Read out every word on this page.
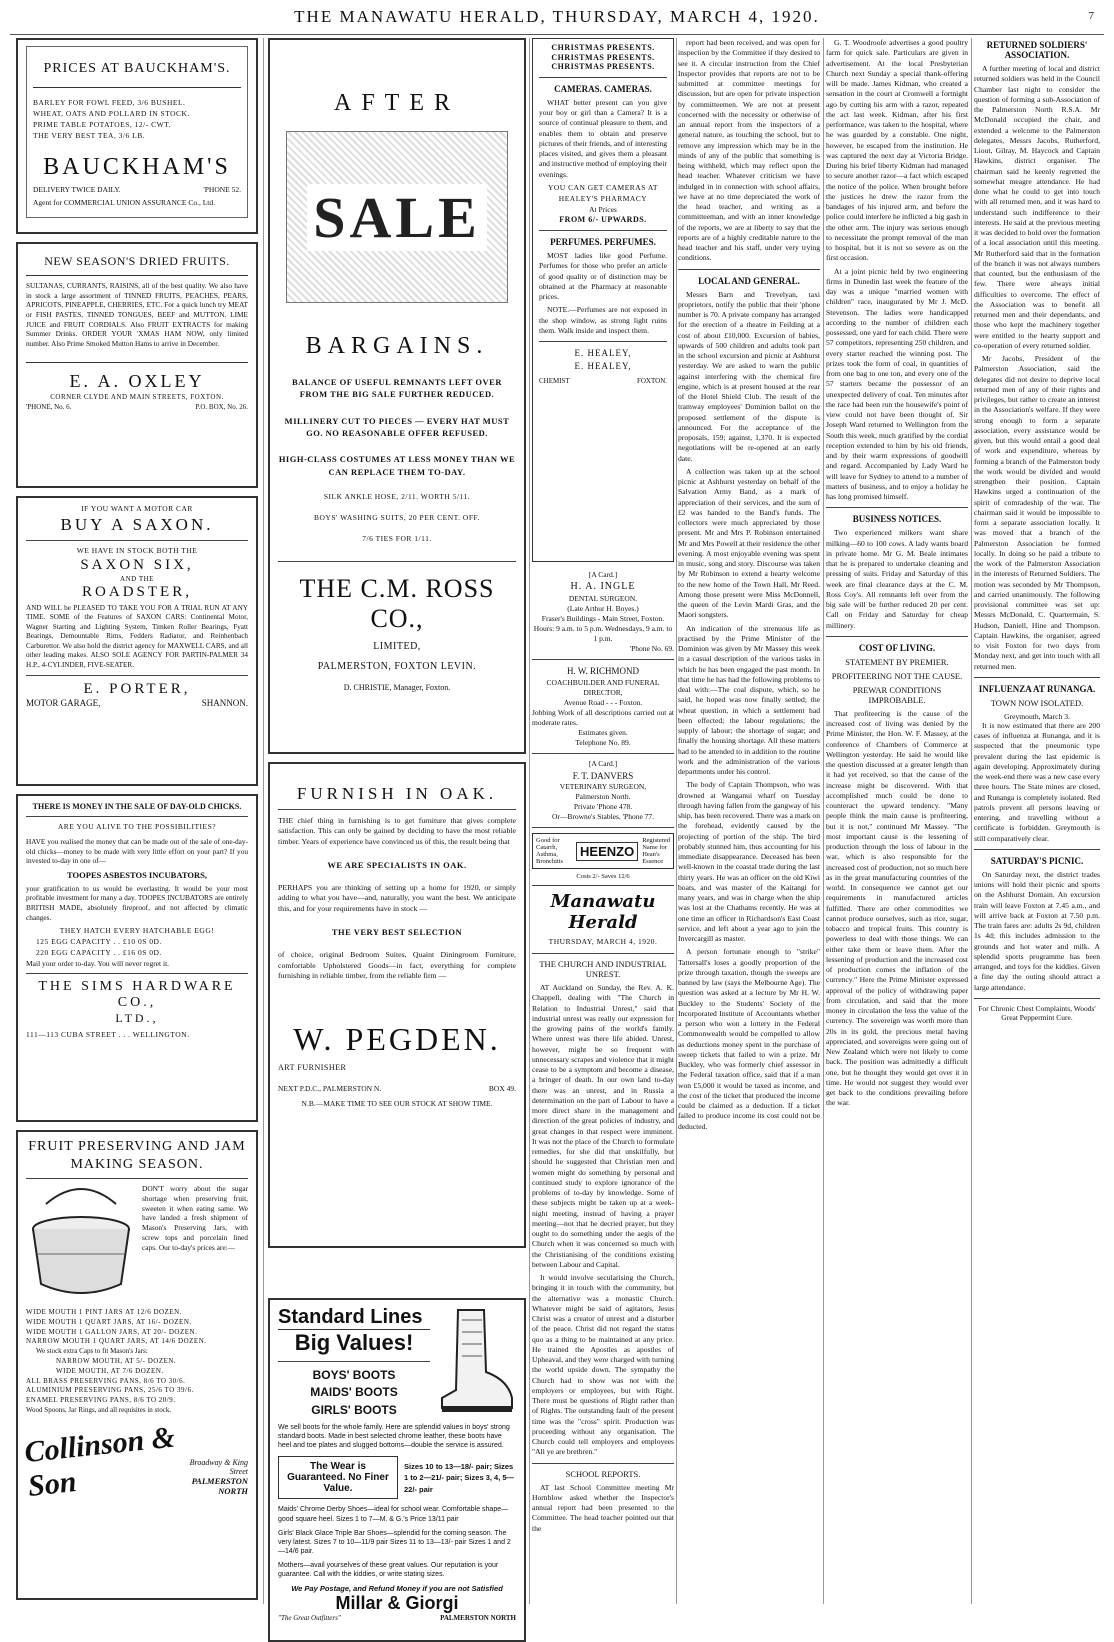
THE MANAWATU HERALD, THURSDAY, MARCH 4, 1920.	7
PRICES AT BAUCKHAM'S.
BARLEY FOR FOWL FEED, 3/6 BUSHEL.
WHEAT, OATS AND POLLARD IN STOCK.
PRIME TABLE POTATOES, 12/- CWT.
THE VERY BEST TEA, 3/6 LB.
BAUCKHAM'S
DELIVERY TWICE DAILY.	'PHONE 52.
Agent for COMMERCIAL UNION ASSURANCE Co., Ltd.
NEW SEASON'S DRIED FRUITS.
SULTANAS, CURRANTS, RAISINS, all of the best quality. We also have in stock a large assortment of TINNED FRUITS, PEACHES, PEARS, APRICOTS, PINEAPPLE, CHERRIES, ETC. For a quick lunch try MEAT or FISH PASTES, TINNED TONGUES, BEEF and MUTTON. LIME JUICE and FRUIT CORDIALS. Also FRUIT EXTRACTS for making Summer Drinks. ORDER YOUR 'XMAS HAM NOW, only limited number. Also Prime Smoked Mutton Hams to arrive in December.
E. A. OXLEY
CORNER CLYDE AND MAIN STREETS, FOXTON.
'PHONE, No. 6.	P.O. BOX, No. 26.
IF YOU WANT A MOTOR CAR
BUY A SAXON.
WE HAVE IN STOCK BOTH THE
SAXON SIX,
AND THE
ROADSTER,
AND WILL be PLEASED TO TAKE YOU FOR A TRIAL RUN AT ANY TIME. SOME of the Features of SAXON CARS: Continental Motor, Wagner Starting and Lighting System, Timken Roller Bearings, Fyatt Bearings, Demountable Rims, Fedders Radiator, and Reinhenbach Carburettor. We also hold the district agency for MAXWELL CARS, and all other leading makes. ALSO SOLE AGENCY FOR PARTIN-PALMER 34 H.P., 4-CYLINDER, FIVE-SEATER.
E. PORTER,
MOTOR GARAGE,	SHANNON.
THERE IS MONEY IN THE SALE OF DAY-OLD CHICKS.
ARE YOU ALIVE TO THE POSSIBILITIES?
HAVE you realised the money that can be made out of the sale of one-day-old chicks—money to be made with very little effort on your part? If you invested to-day in one of—
TOOPES ASBESTOS INCUBATORS,
your gratification to us would be everlasting. It would be your most profitable investment for many a day. TOOPES INCUBATORS are entirely BRITISH MADE, absolutely fireproof, and not affected by climatic changes.
THEY HATCH EVERY HATCHABLE EGG!
125 EGG CAPACITY . . £10 0S 0D.
220 EGG CAPACITY . . £16 0S 0D.
Mail your order to-day. You will never regret it.
THE SIMS HARDWARE CO.,
LTD.,
111—113 CUBA STREET . . . WELLINGTON.
FRUIT PRESERVING AND JAM MAKING SEASON.
DON'T worry about the sugar shortage when preserving fruit, sweeten it when eating same. We have landed a fresh shipment of Mason's Preserving Jars, with screw tops and porcelain lined caps. Our to-day's prices are:—
WIDE MOUTH 1 PINT JARS AT 12/6 DOZEN.
WIDE MOUTH 1 QUART JARS, AT 16/- DOZEN.
WIDE MOUTH 1 GALLON JARS, AT 20/- DOZEN.
NARROW MOUTH 1 QUART JARS, AT 14/6 DOZEN.
We stock extra Caps to fit Mason's Jars:
NARROW MOUTH, AT 5/- DOZEN.
WIDE MOUTH, AT 7/6 DOZEN.
ALL BRASS PRESERVING PANS, 8/6 TO 30/6.
ALUMINIUM PRESERVING PANS, 25/6 TO 39/6.
ENAMEL PRESERVING PANS, 8/6 TO 20/9.
Wood Spoons, Jar Rings, and all requisites in stock.
Collinson & Son
Broadway & King Street
PALMERSTON NORTH
AFTER
SALE
BARGAINS.
BALANCE OF USEFUL REMNANTS LEFT OVER FROM THE BIG SALE FURTHER REDUCED.
MILLINERY CUT TO PIECES — EVERY HAT MUST GO. NO REASONABLE OFFER REFUSED.
HIGH-CLASS COSTUMES AT LESS MONEY THAN WE CAN REPLACE THEM TO-DAY.
SILK ANKLE HOSE, 2/11. WORTH 5/11.
BOYS' WASHING SUITS, 20 PER CENT. OFF.
7/6 TIES FOR 1/11.
THE C.M. ROSS CO.,
LIMITED,
PALMERSTON, FOXTON LEVIN.
D. CHRISTIE, Manager, Foxton.
FURNISH IN OAK.
THE chief thing in furnishing is to get furniture that gives complete satisfaction. This can only be gained by deciding to have the most reliable timber. Years of experience have convinced us of this, the result being that
WE ARE SPECIALISTS IN OAK.
PERHAPS you are thinking of setting up a home for 1920, or simply adding to what you have—and, naturally, you want the best. We anticipate this, and for your requirements have in stock —
THE VERY BEST SELECTION
of choice, original Bedroom Suites, Quaint Diningroom Furniture, comfortable Upholstered Goods—in fact, everything for complete furnishing in reliable timber, from the reliable firm —
W. PEGDEN.
ART FURNISHER
NEXT P.D.C., PALMERSTON N.	BOX 49.
N.B.—MAKE TIME TO SEE OUR STOCK AT SHOW TIME.
Standard Lines
Big Values!
BOYS' BOOTS
MAIDS' BOOTS
GIRLS' BOOTS
We sell boots for the whole family. Here are splendid values in boys' strong standard boots. Made in best selected chrome leather, these boots have heel and toe plates and slugged bottoms—double the service is assured.
The Wear is Guaranteed. No Finer Value.
Sizes 10 to 13—18/- pair; Sizes 1 to 2—21/- pair; Sizes 3, 4, 5—22/- pair
Maids' Chrome Derby Shoes—ideal for school wear. Comfortable shape—good square heel. Sizes 1 to 7—M. & G.'s Price 13/11 pair
Girls' Black Glace Triple Bar Shoes—splendid for the coming season. The very latest. Sizes 7 to 10—11/9 pair Sizes 11 to 13—13/- pair Sizes 1 and 2—14/6 pair.
Mothers—avail yourselves of these great values. Our reputation is your guarantee. Call with the kiddies, or write stating sizes.
We Pay Postage, and Refund Money if you are not Satisfied
Millar & Giorgi
"The Great Outfitters"	PALMERSTON NORTH
CHRISTMAS PRESENTS.
CHRISTMAS PRESENTS.
CHRISTMAS PRESENTS.
CAMERAS. CAMERAS.
WHAT better present can you give your boy or girl than a Camera? It is a source of continual pleasure to them, and enables them to obtain and preserve pictures of their friends, and of interesting places visited, and gives them a pleasant and instructive method of employing their evenings.
YOU CAN GET CAMERAS AT HEALEY'S PHARMACY
At Prices
FROM 6/- UPWARDS.
PERFUMES. PERFUMES.
MOST ladies like good Perfume. Perfumes for those who prefer an article of good quality or of distinction may be obtained at the Pharmacy at reasonable prices.
NOTE.—Perfumes are not exposed in the shop window, as strong light ruins them. Walk inside and inspect them.
E. HEALEY,
E. HEALEY,
CHEMIST	FOXTON.
[A Card.]
H. A. INGLE
DENTAL SURGEON.
(Late Arthur H. Boyes.)
Fraser's Buildings - Main Street, Foxton.
Hours: 9 a.m. to 5 p.m. Wednesdays, 9 a.m. to 1 p.m.
'Phone No. 69.
H. W. RICHMOND
COACHBUILDER AND FUNERAL DIRECTOR,
Avenue Road - - - Foxton.
Jobbing Work of all descriptions carried out at moderate rates.
Estimates given.
Telephone No. 89.
[A Card.]
F. T. DANVERS
VETERINARY SURGEON,
Palmerston North.
Private 'Phone 478.
Or—Browne's Stables, 'Phone 77.
Good for Catarrh, Asthma, Bronchitis
HEENZO
Registered Name for Hean's Essence
Costs 2/- Saves 12/6
Manawatu Herald
THURSDAY, MARCH 4, 1920.
THE CHURCH AND INDUSTRIAL UNREST.
AT Auckland on Sunday, the Rev. A. K. Chappell, dealing with "The Church in Relation to Industrial Unrest," said that industrial unrest was really our expression for the growing pains of the world's family. Where unrest was there life abided. Unrest, however, might be so frequent with unnecessary scrapes and violence that it might cease to be a symptom and become a disease, a bringer of death. In our own land to-day there was an unrest, and in Russia a determination on the part of Labour to have a more direct share in the management and direction of the great policies of industry, and great changes in that respect were imminent. It was not the place of the Church to formulate remedies, for she did that unskilfully, but should he suggested that Christian men and women might do something by personal and continued study to explore ignorance of the problems of to-day by knowledge. Some of these subjects might be taken up at a week-night meeting, instead of having a prayer meeting—not that he decried prayer, but they ought to do something under the aegis of the Church when it was concerned so much with the Christianising of the conditions existing between Labour and Capital.
It would involve secularising the Church, bringing it in touch with the community, but the alternative was a monastic Church. Whatever might be said of agitators, Jesus Christ was a creator of unrest and a disturber of the peace. Christ did not regard the status quo as a thing to be maintained at any price. He trained the Apostles as apostles of Upheaval, and they were charged with turning the world upside down. The sympathy the Church had to show was not with the employers or employees, but with Right. There must be questions of Right rather than of Rights. The outstanding fault of the present time was the "cross" spirit. Production was proceeding without any organisation. The Church could tell employers and employees "All ye are brethren."
SCHOOL REPORTS.
AT last School Committee meeting Mr Hornblow asked whether the Inspector's annual report had been presented to the Committee. The head teacher pointed out that the
report had been received, and was open for inspection by the Committee if they desired to see it. A circular instruction from the Chief Inspector provides that reports are not to be submitted at committee meetings for discussion, but are open for private inspection by committeemen. We are not at present concerned with the necessity or otherwise of an annual report from the inspectors of a general nature, as touching the school, but to remove any impression which may be in the minds of any of the public that something is being withheld, which may reflect upon the head teacher. Whatever criticism we have indulged in in connection with school affairs, we have at no time depreciated the work of the head teacher, and writing as a committeeman, and with an inner knowledge of the reports, we are at liberty to say that the reports are of a highly creditable nature to the head teacher and his staff, under very trying conditions.
LOCAL AND GENERAL.
Messrs Barn and Trevelyan, taxi proprietors, notify the public that their 'phone number is 70. A private company has arranged for the erection of a theatre in Feilding at a cost of about £10,000. Excursion of babies, upwards of 500 children and adults took part in the school excursion and picnic at Ashhurst yesterday. We are asked to warn the public against interfering with the chemical fire engine, which is at present housed at the rear of the Hotel Shield Club. The result of the tramway employees' Dominion ballot on the proposed settlement of the dispute is announced. For the acceptance of the proposals, 159; against, 1,370. It is expected negotiations will be re-opened at an early date.
A collection was taken up at the school picnic at Ashhurst yesterday on behalf of the Salvation Army Band, as a mark of appreciation of their services, and the sum of £2 was handed to the Band's funds. The collectors were much appreciated by those present. Mr and Mrs P. Robinson entertained Mr and Mrs Powell at their residence the other evening. A most enjoyable evening was spent in music, song and story. Discourse was taken by Mr Robinson to extend a hearty welcome to the new home of the Town Hall, Mr Reed. Among those present were Miss McDonnell, the queen of the Levin Mardi Gras, and the Maori songsters.
An indication of the strenuous life as practised by the Prime Minister of the Dominion was given by Mr Massey this week in a casual description of the various tasks in which he has been engaged the past month. In that time he has had the following problems to deal with:—The coal dispute, which, so he said, he hoped was now finally settled; the wheat question, in which a settlement had been effected; the labour regulations; the supply of labour; the shortage of sugar; and finally the housing shortage. All these matters had to be attended to in addition to the routine work and the administration of the various departments under his control.
The body of Captain Thompson, who was drowned at Wanganui wharf on Tuesday through having fallen from the gangway of his ship, has been recovered. There was a mark on the forehead, evidently caused by the projecting of portion of the ship. The bird probably stunned him, thus accounting for his immediate disappearance. Deceased has been well-known in the coastal trade during the last thirty years. He was an officer on the old Kiwi boats, and was master of the Kaitangi for many years, and was in charge when the ship was lost at the Chathams recently. He was at one time an officer in Richardson's East Coast service, and left about a year ago to join the Invercargill as master.
A person fortunate enough to "strike" Tattersall's loses a goodly proportion of the prize through taxation, though the sweeps are banned by law (says the Melbourne Age). The question was asked at a lecture by Mr H. W. Buckley to the Students' Society of the Incorporated Institute of Accountants whether a person who won a lottery in the Federal Commonwealth would be compelled to allow as deductions money spent in the purchase of sweep tickets that failed to win a prize. Mr Buckley, who was formerly chief assessor in the Federal taxation office, said that if a man won £5,000 it would be taxed as income, and the cost of the ticket that produced the income could be claimed as a deduction. If a ticket failed to produce income its cost could not be deducted.
G. T. Woodroofe advertises a good poultry farm for quick sale. Particulars are given in advertisement. At the local Presbyterian Church next Sunday a special thank-offering will be made. James Kidman, who created a sensation in the court at Cromwell a fortnight ago by cutting his arm with a razor, repeated the act last week. Kidman, after his first performance, was taken to the hospital, where he was guarded by a constable. One night, however, he escaped from the institution. He was captured the next day at Victoria Bridge. During his brief liberty Kidman had managed to secure another razor—a fact which escaped the notice of the police. When brought before the justices he drew the razor from the bandages of his injured arm, and before the police could interfere he inflicted a big gash in the other arm. The injury was serious enough to necessitate the prompt removal of the man to hospital, but it is not so severe as on the first occasion.
At a joint picnic held by two engineering firms in Dunedin last week the feature of the day was a unique "married women with children" race, inaugurated by Mr J. McD. Stevenson. The ladies were handicapped according to the number of children each possessed, one yard for each child. There were 57 competitors, representing 250 children, and every starter reached the winning post. The prizes took the form of coal, in quantities of from one bag to one ton, and every one of the 57 starters became the possessor of an unexpected delivery of coal. Ten minutes after the race had been run the housewife's point of view could not have been thought of. Sir Joseph Ward returned to Wellington from the South this week, much gratified by the cordial reception extended to him by his old friends, and by their warm expressions of goodwill and regard. Accompanied by Lady Ward he will leave for Sydney to attend to a number of matters of business, and to enjoy a holiday he has long promised himself.
BUSINESS NOTICES.
Two experienced milkers want share milking—60 to 100 cows. A lady wants board in private home. Mr G. M. Beale intimates that he is prepared to undertake cleaning and pressing of suits. Friday and Saturday of this week are final clearance days at the C. M. Ross Coy's. All remnants left over from the big sale will be further reduced 20 per cent. Call on Friday and Saturday for cheap millinery.
COST OF LIVING.
STATEMENT BY PREMIER.
PROFITEERING NOT THE CAUSE.
PREWAR CONDITIONS IMPROBABLE.
That profiteering is the cause of the increased cost of living was denied by the Prime Minister, the Hon. W. F. Massey, at the conference of Chambers of Commerce at Wellington yesterday. He said he would like the question discussed at a greater length than it had yet received, so that the cause of the increase might be discovered. With that accomplished much could be done to counteract the upward tendency. "Many people think the main cause is profiteering, but it is not," continued Mr Massey. "The most important cause is the lessening of production through the loss of labour in the war, which is also responsible for the increased cost of production, not so much here as in the great manufacturing countries of the world. In consequence we cannot get our requirements in manufactured articles fulfilled. There are other commodities we cannot produce ourselves, such as rice, sugar, tobacco and tropical fruits. This country is powerless to deal with those things. We can either take them or leave them. After the lessening of production and the increased cost of production comes the inflation of the currency." Here the Prime Minister expressed approval of the policy of withdrawing paper from circulation, and said that the more money in circulation the less the value of the currency. The sovereign was worth more than 20s in its gold, the precious metal having appreciated, and sovereigns were going out of New Zealand which were not likely to come back. The position was admittedly a difficult one, but he thought they would get over it in time. He would not suggest they would ever get back to the conditions prevailing before the war.
RETURNED SOLDIERS' ASSOCIATION.
A further meeting of local and district returned soldiers was held in the Council Chamber last night to consider the question of forming a sub-Association of the Palmerston North R.S.A. Mr McDonald occupied the chair, and extended a welcome to the Palmerston delegates, Messrs Jacobs, Rutherford, Liout, Gilray, M. Haycock and Captain Hawkins, district organiser. The chairman said he keenly regretted the somewhat meagre attendance. He had done what he could to get into touch with all returned men, and it was hard to understand such indifference to their interests. He said at the previous meeting it was decided to hold over the formation of a local association until this meeting. Mr Rutherford said that in the formation of the branch it was not always numbers that counted, but the enthusiasm of the few. There were always initial difficulties to overcome. The effect of the Association was to benefit all returned men and their dependants, and those who kept the machinery together were entitled to the hearty support and co-operation of every returned soldier.
Mr Jacobs, President of the Palmerston Association, said the delegates did not desire to deprive local returned men of any of their rights and privileges, but rather to create an interest in the Association's welfare. If they were strong enough to form a separate association, every assistance would be given, but this would entail a good deal of work and expenditure, whereas by forming a branch of the Palmerston body the work would be divided and would strengthen their position. Captain Hawkins urged a continuation of the spirit of comradeship of the war. The chairman said it would be impossible to form a separate association locally. It was moved that a branch of the Palmerston Association be formed locally. In doing so he paid a tribute to the work of the Palmerston Association in the interests of Returned Soldiers. The motion was seconded by Mr Thompson, and carried unanimously. The following provisional committee was set up: Messrs McDonald, C. Quartermain, S. Hudson, Daniell, Hine and Thompson. Captain Hawkins, the organiser, agreed to visit Foxton for two days from Monday next, and get into touch with all returned men.
INFLUENZA AT RUNANGA.
TOWN NOW ISOLATED.
Greymouth, March 3.
It is now estimated that there are 200 cases of influenza at Runanga, and it is suspected that the pneumonic type prevalent during the last epidemic is again developing. Approximately during the week-end there was a new case every three hours. The State mines are closed, and Runanga is completely isolated. Red patrols prevent all persons leaving or entering, and travelling without a certificate is forbidden. Greymouth is still comparatively clear.
SATURDAY'S PICNIC.
On Saturday next, the district trades unions will hold their picnic and sports on the Ashhurst Domain. An excursion train will leave Foxton at 7.45 a.m., and will arrive back at Foxton at 7.50 p.m. The train fares are: adults 2s 9d, children 1s 4d; this includes admission to the grounds and hot water and milk. A splendid sports programme has been arranged, and toys for the kiddies. Given a fine day the outing should attract a large attendance.
For Chronic Chest Complaints, Woods' Great Peppermint Cure.
